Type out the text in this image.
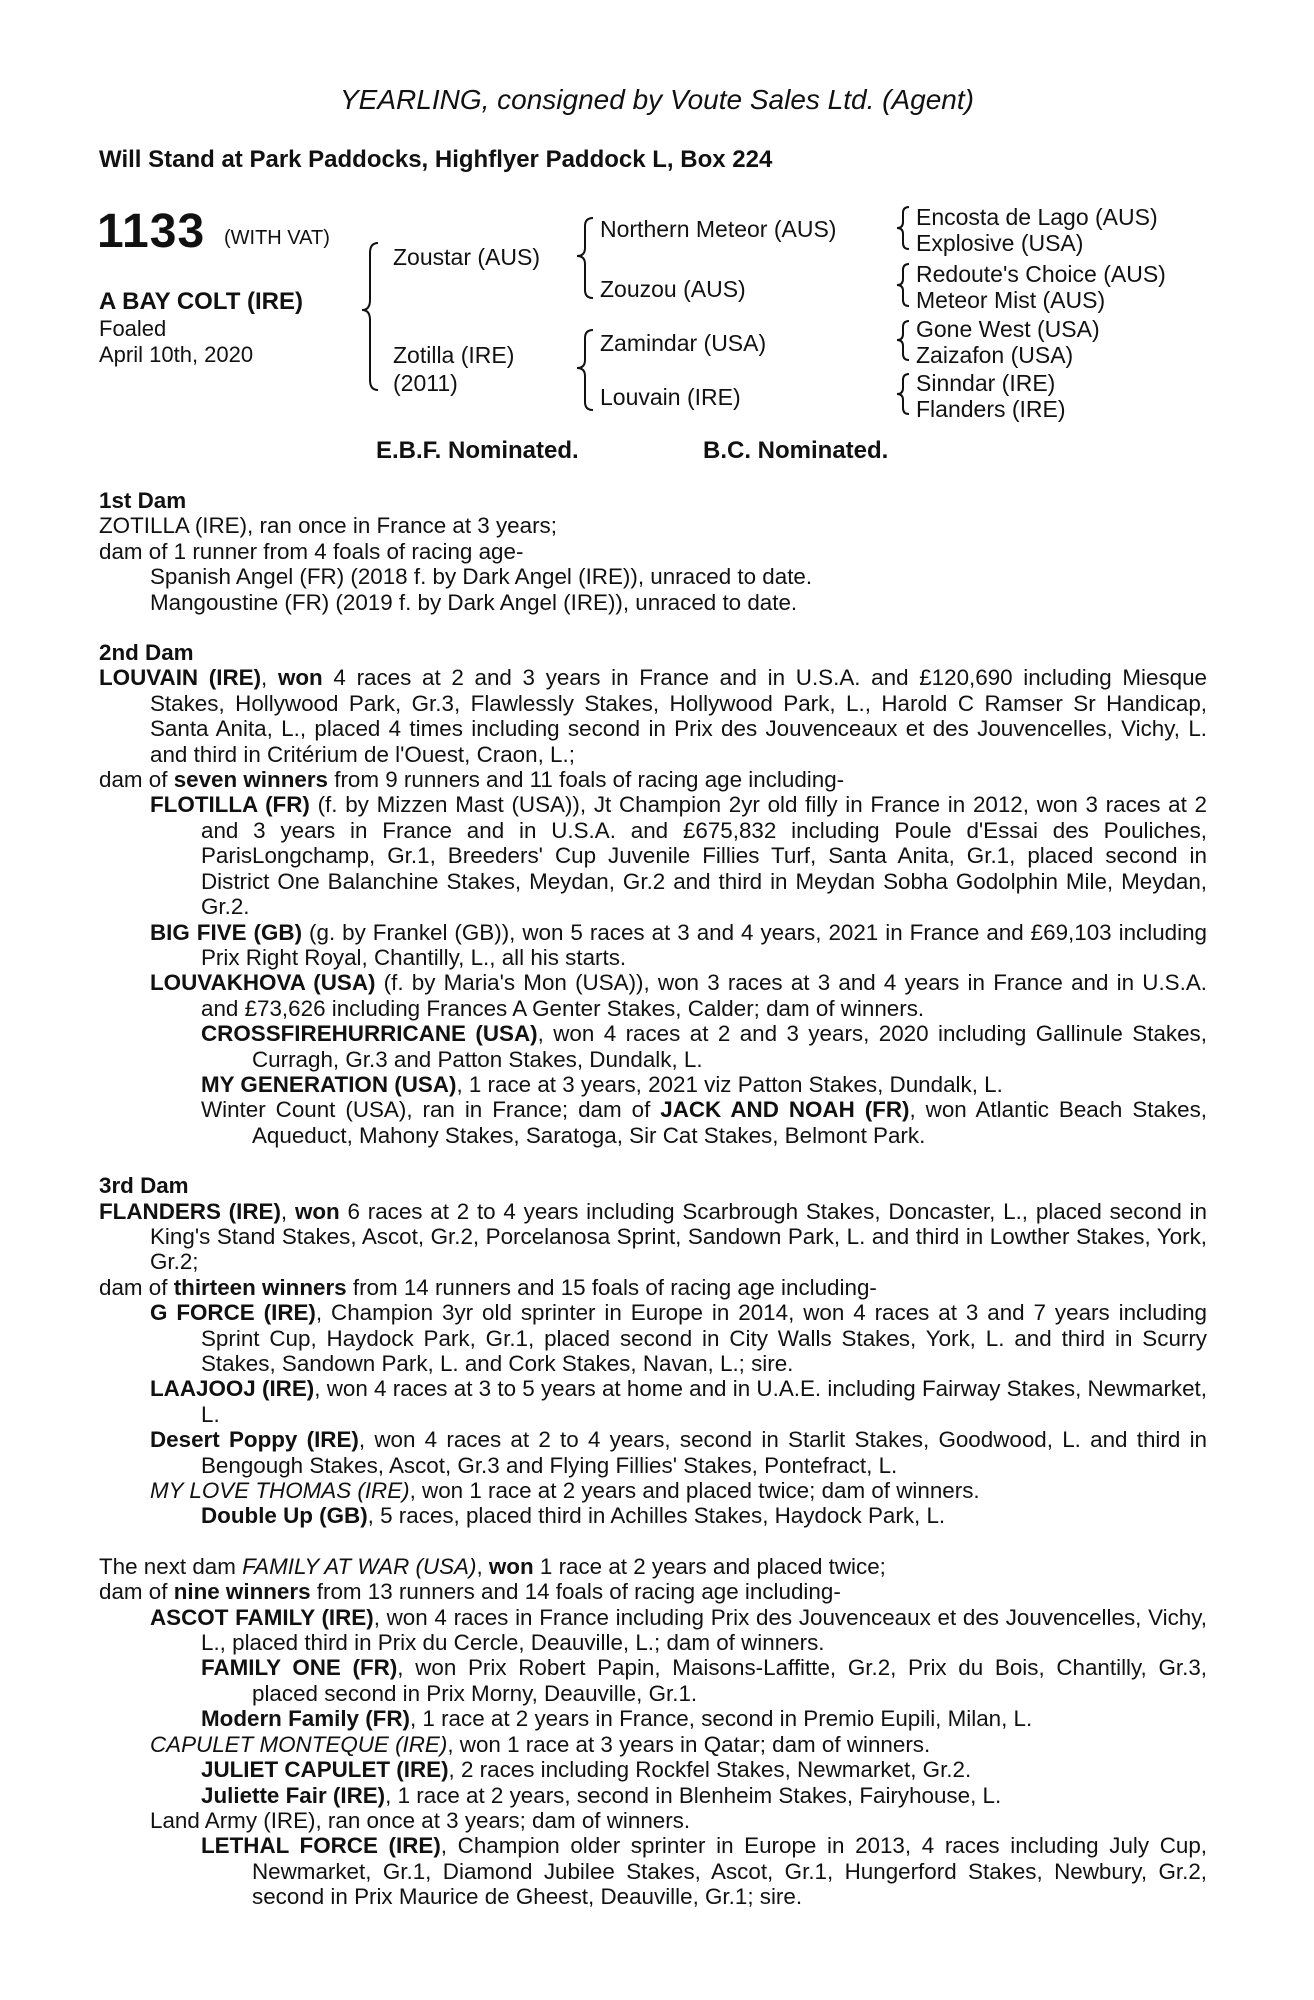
YEARLING, consigned by Voute Sales Ltd. (Agent)
Will Stand at Park Paddocks, Highflyer Paddock L, Box 224
1133 (WITH VAT)
A BAY COLT (IRE)
Foaled
April 10th, 2020
Zoustar (AUS)
Zotilla (IRE)
(2011)
Northern Meteor (AUS)
Zouzou (AUS)
Zamindar (USA)
Louvain (IRE)
Encosta de Lago (AUS)
Explosive (USA)
Redoute's Choice (AUS)
Meteor Mist (AUS)
Gone West (USA)
Zaizafon (USA)
Sinndar (IRE)
Flanders (IRE)
E.B.F. Nominated.	B.C. Nominated.

1st Dam

ZOTILLA (IRE), ran once in France at 3 years;

dam of 1 runner from 4 foals of racing age-

Spanish Angel (FR) (2018 f. by Dark Angel (IRE)), unraced to date.

Mangoustine (FR) (2019 f. by Dark Angel (IRE)), unraced to date.

2nd Dam

LOUVAIN (IRE), won 4 races at 2 and 3 years in France and in U.S.A. and £120,690 including Miesque Stakes, Hollywood Park, Gr.3, Flawlessly Stakes, Hollywood Park, L., Harold C Ramser Sr Handicap, Santa Anita, L., placed 4 times including second in Prix des Jouvenceaux et des Jouvencelles, Vichy, L. and third in Critérium de l'Ouest, Craon, L.;

dam of seven winners from 9 runners and 11 foals of racing age including-

FLOTILLA (FR) (f. by Mizzen Mast (USA)), Jt Champion 2yr old filly in France in 2012, won 3 races at 2 and 3 years in France and in U.S.A. and £675,832 including Poule d'Essai des Pouliches, ParisLongchamp, Gr.1, Breeders' Cup Juvenile Fillies Turf, Santa Anita, Gr.1, placed second in District One Balanchine Stakes, Meydan, Gr.2 and third in Meydan Sobha Godolphin Mile, Meydan, Gr.2.

BIG FIVE (GB) (g. by Frankel (GB)), won 5 races at 3 and 4 years, 2021 in France and £69,103 including Prix Right Royal, Chantilly, L., all his starts.

LOUVAKHOVA (USA) (f. by Maria's Mon (USA)), won 3 races at 3 and 4 years in France and in U.S.A. and £73,626 including Frances A Genter Stakes, Calder; dam of winners.

CROSSFIREHURRICANE (USA), won 4 races at 2 and 3 years, 2020 including Gallinule Stakes, Curragh, Gr.3 and Patton Stakes, Dundalk, L.

MY GENERATION (USA), 1 race at 3 years, 2021 viz Patton Stakes, Dundalk, L.

Winter Count (USA), ran in France; dam of JACK AND NOAH (FR), won Atlantic Beach Stakes, Aqueduct, Mahony Stakes, Saratoga, Sir Cat Stakes, Belmont Park.

3rd Dam

FLANDERS (IRE), won 6 races at 2 to 4 years including Scarbrough Stakes, Doncaster, L., placed second in King's Stand Stakes, Ascot, Gr.2, Porcelanosa Sprint, Sandown Park, L. and third in Lowther Stakes, York, Gr.2;

dam of thirteen winners from 14 runners and 15 foals of racing age including-

G FORCE (IRE), Champion 3yr old sprinter in Europe in 2014, won 4 races at 3 and 7 years including Sprint Cup, Haydock Park, Gr.1, placed second in City Walls Stakes, York, L. and third in Scurry Stakes, Sandown Park, L. and Cork Stakes, Navan, L.; sire.

LAAJOOJ (IRE), won 4 races at 3 to 5 years at home and in U.A.E. including Fairway Stakes, Newmarket, L.

Desert Poppy (IRE), won 4 races at 2 to 4 years, second in Starlit Stakes, Goodwood, L. and third in Bengough Stakes, Ascot, Gr.3 and Flying Fillies' Stakes, Pontefract, L.

MY LOVE THOMAS (IRE), won 1 race at 2 years and placed twice; dam of winners.

Double Up (GB), 5 races, placed third in Achilles Stakes, Haydock Park, L.

The next dam FAMILY AT WAR (USA), won 1 race at 2 years and placed twice;

dam of nine winners from 13 runners and 14 foals of racing age including-

ASCOT FAMILY (IRE), won 4 races in France including Prix des Jouvenceaux et des Jouvencelles, Vichy, L., placed third in Prix du Cercle, Deauville, L.; dam of winners.

FAMILY ONE (FR), won Prix Robert Papin, Maisons-Laffitte, Gr.2, Prix du Bois, Chantilly, Gr.3, placed second in Prix Morny, Deauville, Gr.1.

Modern Family (FR), 1 race at 2 years in France, second in Premio Eupili, Milan, L.

CAPULET MONTEQUE (IRE), won 1 race at 3 years in Qatar; dam of winners.

JULIET CAPULET (IRE), 2 races including Rockfel Stakes, Newmarket, Gr.2.

Juliette Fair (IRE), 1 race at 2 years, second in Blenheim Stakes, Fairyhouse, L.

Land Army (IRE), ran once at 3 years; dam of winners.

LETHAL FORCE (IRE), Champion older sprinter in Europe in 2013, 4 races including July Cup, Newmarket, Gr.1, Diamond Jubilee Stakes, Ascot, Gr.1, Hungerford Stakes, Newbury, Gr.2, second in Prix Maurice de Gheest, Deauville, Gr.1; sire.
